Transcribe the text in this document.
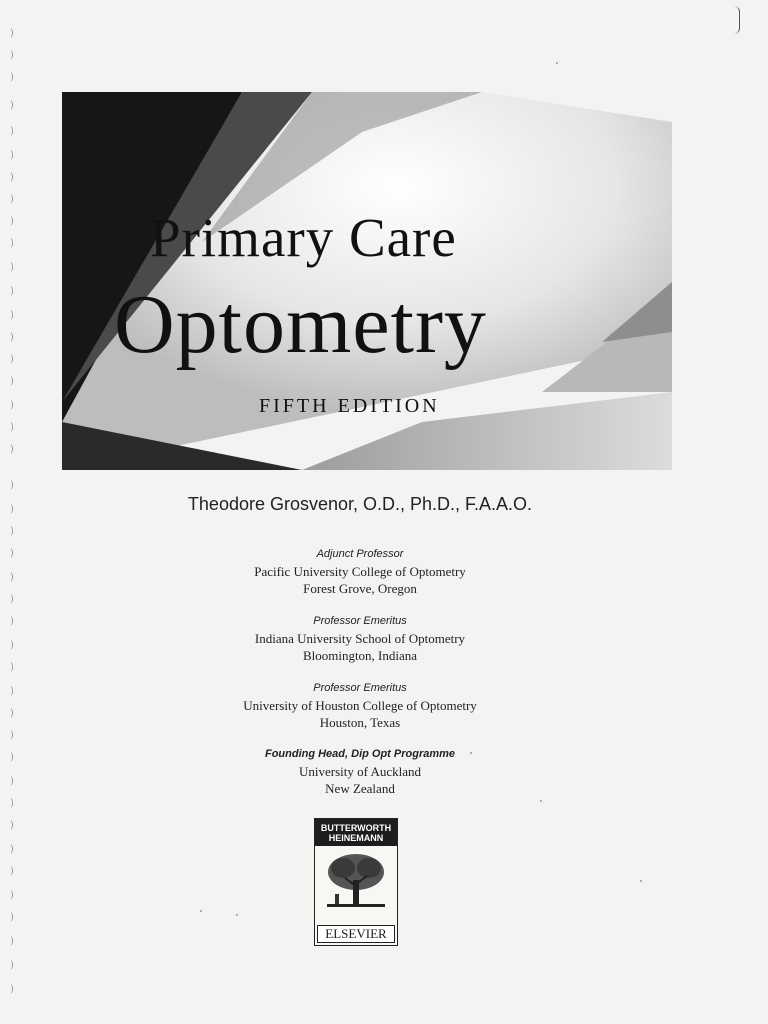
)
)
)
)
)
)
)
)
)
)
)
)
)
)
)
)
)
)
)
)
)
)
)
)
)
)
)
)
)
)
)
)
)
)
)
)
)
)
)
)
)
)
Primary Care
Optometry
FIFTH EDITION
Theodore Grosvenor, O.D., Ph.D., F.A.A.O.
Adjunct Professor
Pacific University College of Optometry
Forest Grove, Oregon
Professor Emeritus
Indiana University School of Optometry
Bloomington, Indiana
Professor Emeritus
University of Houston College of Optometry
Houston, Texas
Founding Head, Dip Opt Programme
University of Auckland
New Zealand
BUTTERWORTH
HEINEMANN
ELSEVIER
